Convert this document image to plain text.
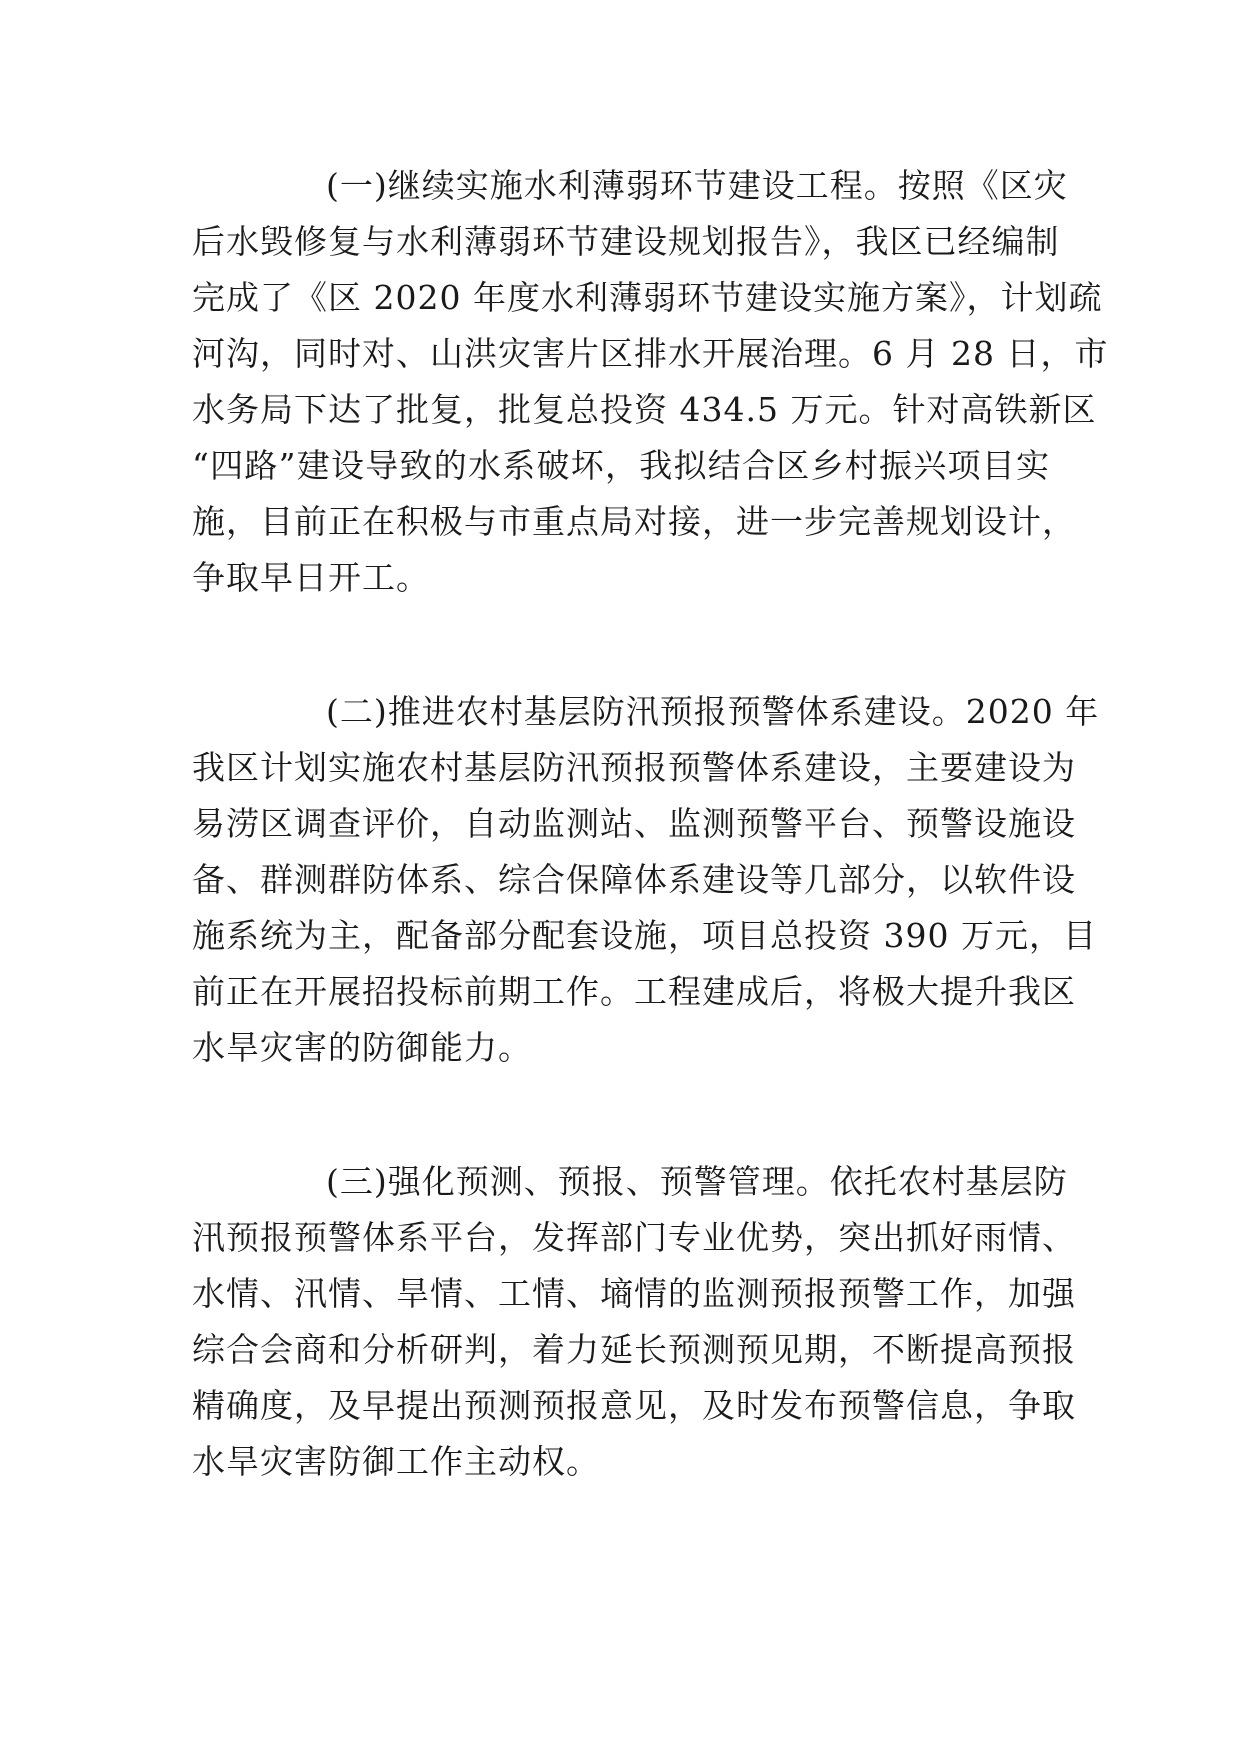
(一)继续实施水利薄弱环节建设工程。按照《区灾
后水毁修复与水利薄弱环节建设规划报告》，我区已经编制
完成了《区 2020 年度水利薄弱环节建设实施方案》，计划疏
河沟，同时对、山洪灾害片区排水开展治理。6 月 28 日，市
水务局下达了批复，批复总投资 434.5 万元。针对高铁新区
“四路”建设导致的水系破坏，我拟结合区乡村振兴项目实
施，目前正在积极与市重点局对接，进一步完善规划设计，
争取早日开工。
(二)推进农村基层防汛预报预警体系建设。2020 年
我区计划实施农村基层防汛预报预警体系建设，主要建设为
易涝区调查评价，自动监测站、监测预警平台、预警设施设
备、群测群防体系、综合保障体系建设等几部分，以软件设
施系统为主，配备部分配套设施，项目总投资 390 万元，目
前正在开展招投标前期工作。工程建成后，将极大提升我区
水旱灾害的防御能力。
(三)强化预测、预报、预警管理。依托农村基层防
汛预报预警体系平台，发挥部门专业优势，突出抓好雨情、
水情、汛情、旱情、工情、墒情的监测预报预警工作，加强
综合会商和分析研判，着力延长预测预见期，不断提高预报
精确度，及早提出预测预报意见，及时发布预警信息，争取
水旱灾害防御工作主动权。
